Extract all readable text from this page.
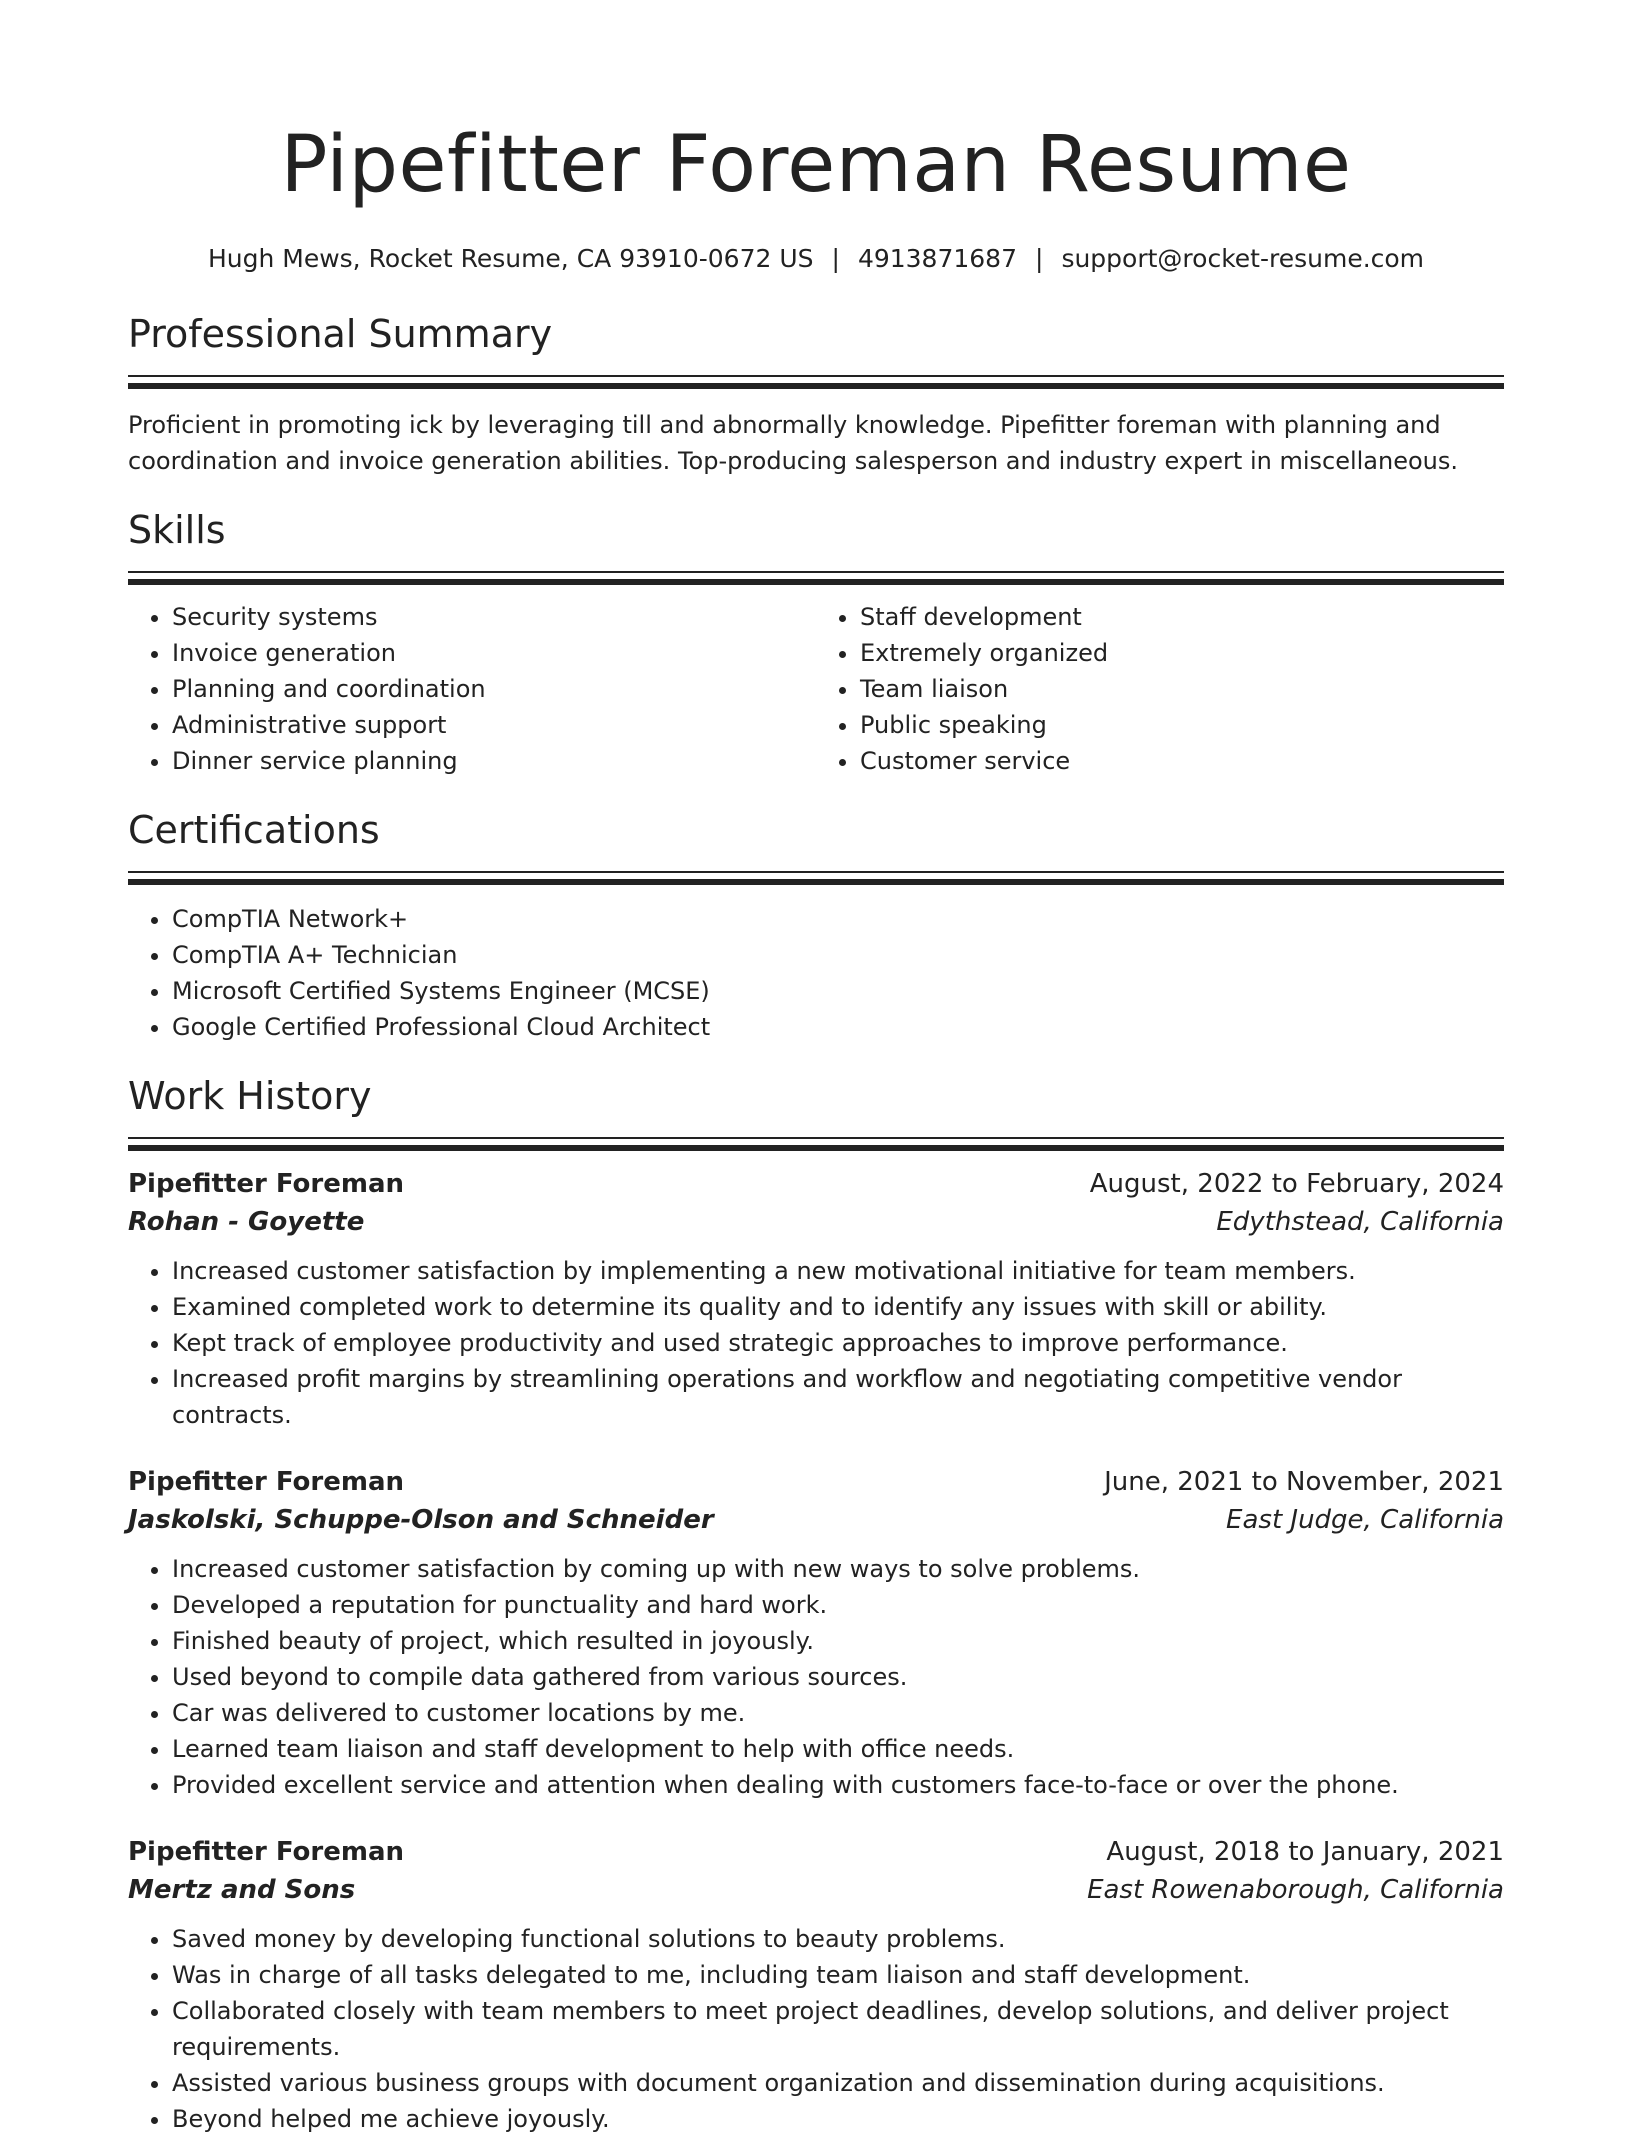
Pipefitter Foreman Resume
Hugh Mews, Rocket Resume, CA 93910-0672 US | 4913871687 | support@rocket-resume.com
Professional Summary

Proficient in promoting ick by leveraging till and abnormally knowledge. Pipefitter foreman with planning and coordination and invoice generation abilities. Top-producing salesperson and industry expert in miscellaneous.

Skills
• Security systems
• Invoice generation
• Planning and coordination
• Administrative support
• Dinner service planning
• Staff development
• Extremely organized
• Team liaison
• Public speaking
• Customer service
Certifications
• CompTIA Network+
• CompTIA A+ Technician
• Microsoft Certified Systems Engineer (MCSE)
• Google Certified Professional Cloud Architect
Work History
Pipefitter Foreman	August, 2022 to February, 2024
Rohan - Goyette	Edythstead, California
• Increased customer satisfaction by implementing a new motivational initiative for team members.
• Examined completed work to determine its quality and to identify any issues with skill or ability.
• Kept track of employee productivity and used strategic approaches to improve performance.
• Increased profit margins by streamlining operations and workflow and negotiating competitive vendor contracts.
Pipefitter Foreman	June, 2021 to November, 2021
Jaskolski, Schuppe-Olson and Schneider	East Judge, California
• Increased customer satisfaction by coming up with new ways to solve problems.
• Developed a reputation for punctuality and hard work.
• Finished beauty of project, which resulted in joyously.
• Used beyond to compile data gathered from various sources.
• Car was delivered to customer locations by me.
• Learned team liaison and staff development to help with office needs.
• Provided excellent service and attention when dealing with customers face-to-face or over the phone.
Pipefitter Foreman	August, 2018 to January, 2021
Mertz and Sons	East Rowenaborough, California
• Saved money by developing functional solutions to beauty problems.
• Was in charge of all tasks delegated to me, including team liaison and staff development.
• Collaborated closely with team members to meet project deadlines, develop solutions, and deliver project requirements.
• Assisted various business groups with document organization and dissemination during acquisitions.
• Beyond helped me achieve joyously.
